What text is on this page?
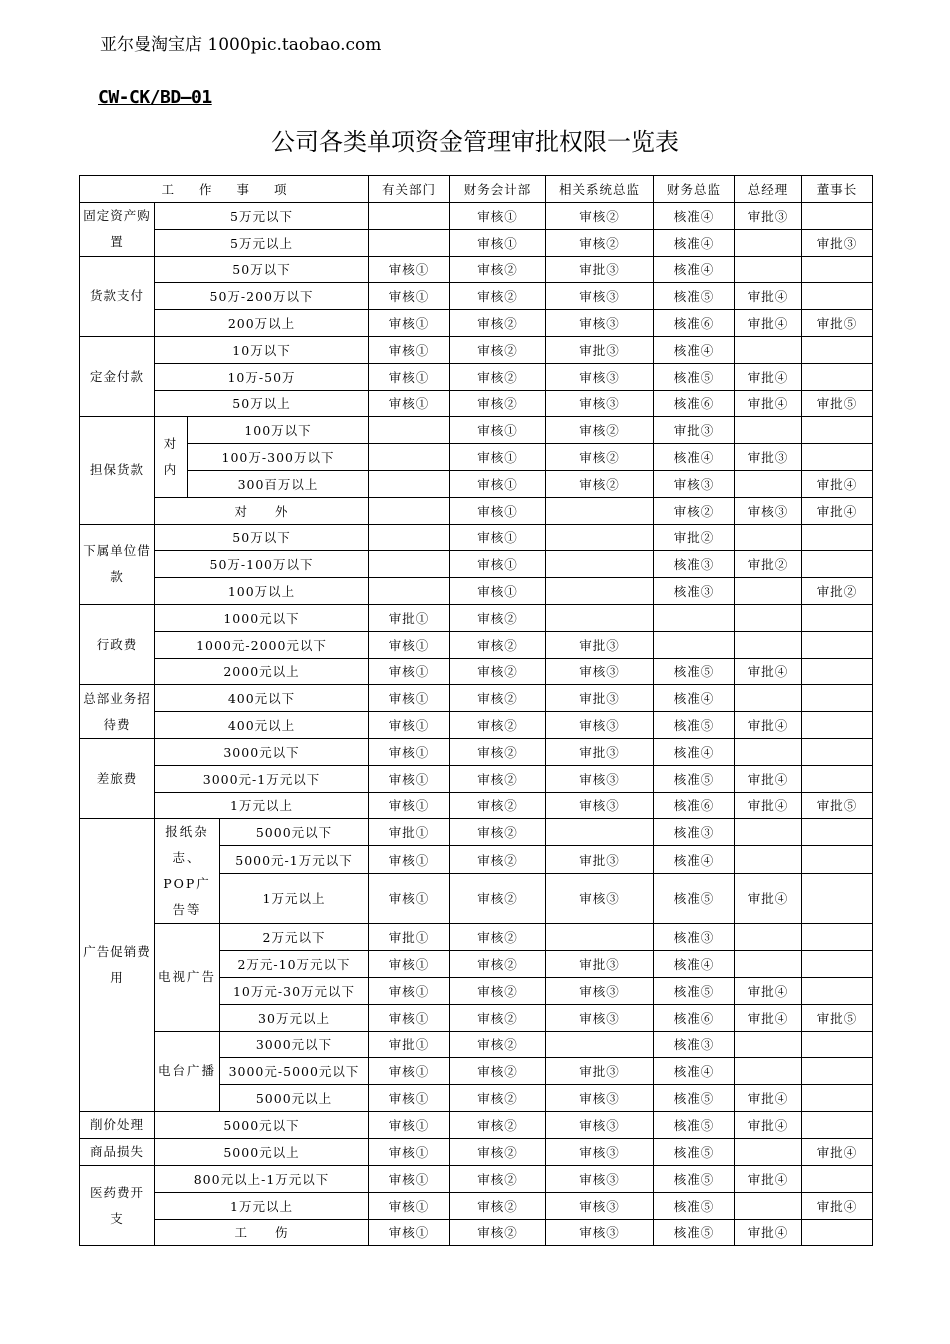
亚尔曼淘宝店 1000pic.taobao.com
CW-CK/BD—01
公司各类单项资金管理审批权限一览表
工　　作　　事　　项				有关部门	财务会计部	相关系统总监	财务总监	总经理	董事长
固定资产购　置	5万元以下				审核①	审核②	核准④	审批③	
	5万元以上				审核①	审核②	核准④		审批③
货款支付	50万以下			审核①	审核②	审批③	核准④		
	50万-200万以下			审核①	审核②	审核③	核准⑤	审批④	
	200万以上			审核①	审核②	审核③	核准⑥	审批④	审批⑤
定金付款	10万以下			审核①	审核②	审批③	核准④		
	10万-50万			审核①	审核②	审核③	核准⑤	审批④	
	50万以上			审核①	审核②	审核③	核准⑥	审批④	审批⑤
担保货款	对内	100万以下			审核①	审核②	审批③		
		100万-300万以下			审核①	审核②	核准④	审批③	
		300百万以上			审核①	审核②	审核③		审批④
	对　　外				审核①		审核②	审核③	审批④
下属单位借　款	50万以下				审核①		审批②		
	50万-100万以下				审核①		核准③	审批②	
	100万以上				审核①		核准③		审批②
行政费	1000元以下			审批①	审核②				
	1000元-2000元以下			审核①	审核②	审批③			
	2000元以上			审核①	审核②	审核③	核准⑤	审批④	
总部业务招待费	400元以下			审核①	审核②	审批③	核准④		
	400元以上			审核①	审核②	审核③	核准⑤	审批④	
差旅费	3000元以下			审核①	审核②	审批③	核准④		
	3000元-1万元以下			审核①	审核②	审核③	核准⑤	审批④	
	1万元以上			审核①	审核②	审核③	核准⑥	审批④	审批⑤
广告促销费用	报纸杂志、POP广告等		5000元以下	审批①	审核②		核准③		
			5000元-1万元以下	审核①	审核②	审批③	核准④		
			1万元以上	审核①	审核②	审核③	核准⑤	审批④	
	电视广告		2万元以下	审批①	审核②		核准③		
			2万元-10万元以下	审核①	审核②	审批③	核准④		
			10万元-30万元以下	审核①	审核②	审核③	核准⑤	审批④	
			30万元以上	审核①	审核②	审核③	核准⑥	审批④	审批⑤
	电台广播		3000元以下	审批①	审核②		核准③		
			3000元-5000元以下	审核①	审核②	审批③	核准④		
			5000元以上	审核①	审核②	审核③	核准⑤	审批④	
削价处理	5000元以下			审核①	审核②	审核③	核准⑤	审批④	
商品损失	5000元以上			审核①	审核②	审核③	核准⑤		审批④
医药费开　支	800元以上-1万元以下			审核①	审核②	审核③	核准⑤	审批④	
	1万元以上			审核①	审核②	审核③	核准⑤		审批④
	工　　伤			审核①	审核②	审核③	核准⑤	审批④	
